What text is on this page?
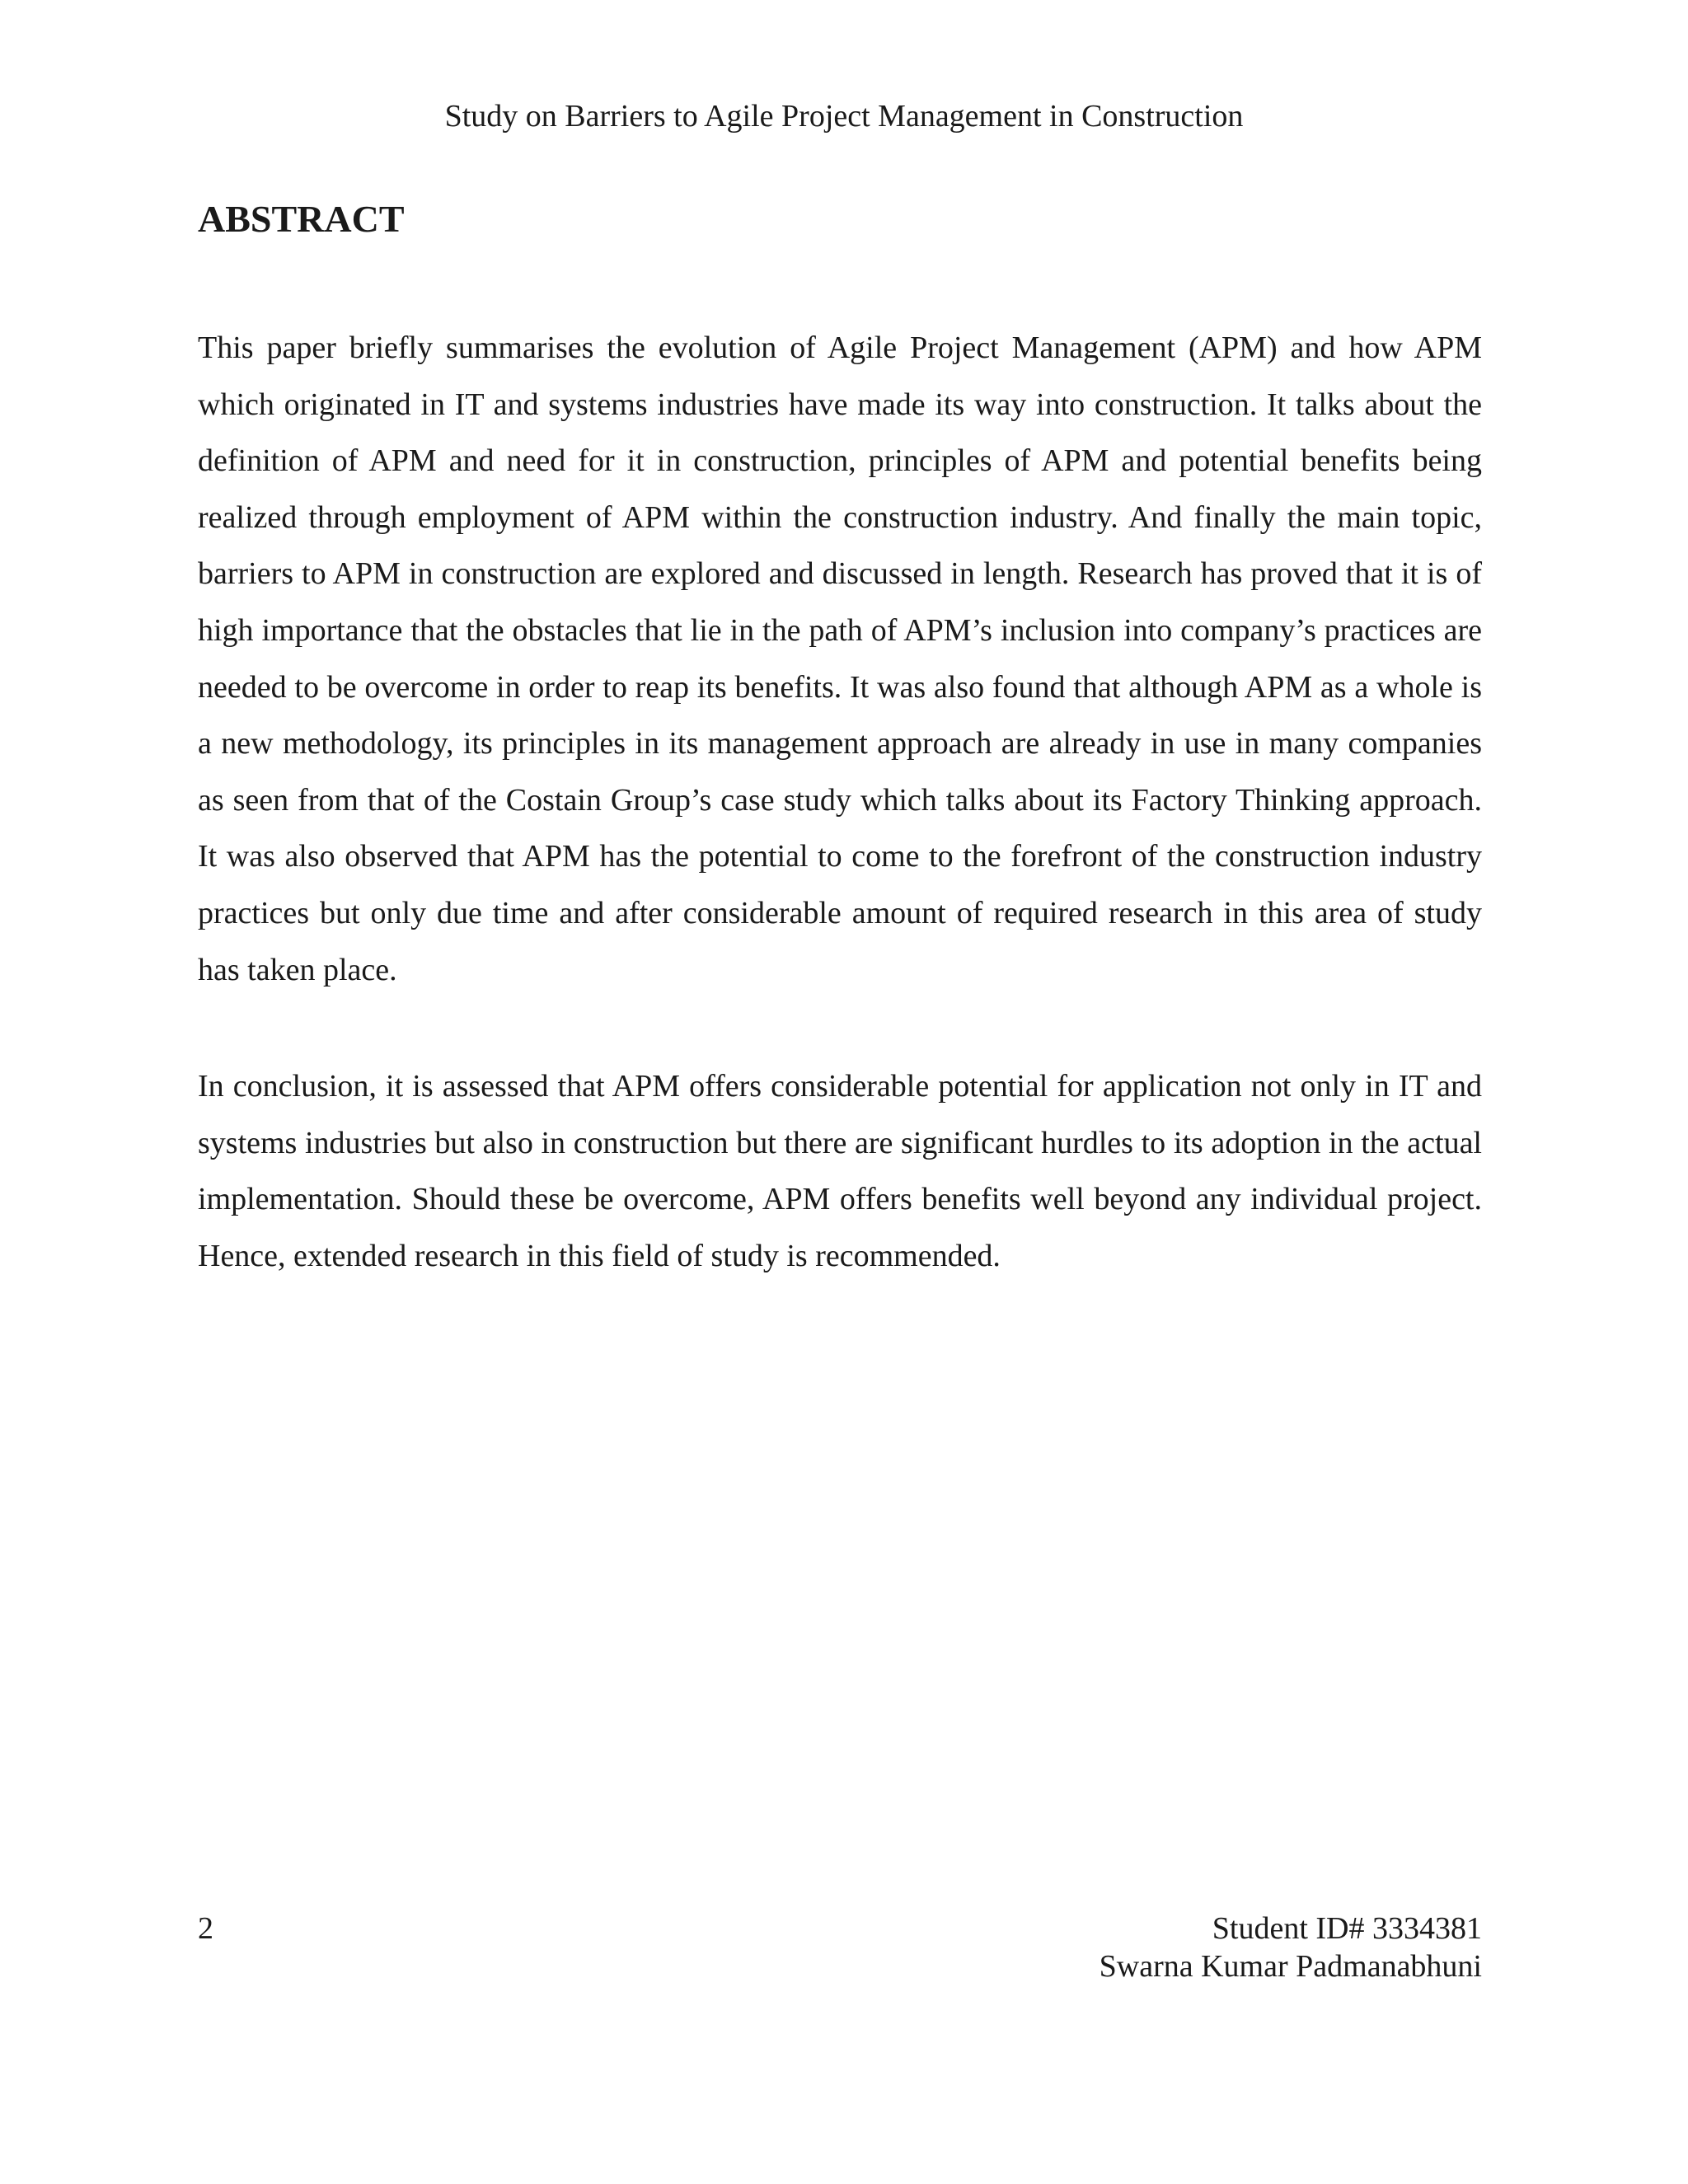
Study on Barriers to Agile Project Management in Construction
ABSTRACT

This paper briefly summarises the evolution of Agile Project Management (APM) and how APM which originated in IT and systems industries have made its way into construction. It talks about the definition of APM and need for it in construction, principles of APM and potential benefits being realized through employment of APM within the construction industry. And finally the main topic, barriers to APM in construction are explored and discussed in length. Research has proved that it is of high importance that the obstacles that lie in the path of APM’s inclusion into company’s practices are needed to be overcome in order to reap its benefits. It was also found that although APM as a whole is a new methodology, its principles in its management approach are already in use in many companies as seen from that of the Costain Group’s case study which talks about its Factory Thinking approach. It was also observed that APM has the potential to come to the forefront of the construction industry practices but only due time and after considerable amount of required research in this area of study has taken place.

In conclusion, it is assessed that APM offers considerable potential for application not only in IT and systems industries but also in construction but there are significant hurdles to its adoption in the actual implementation. Should these be overcome, APM offers benefits well beyond any individual project. Hence, extended research in this field of study is recommended.

2	Student ID# 3334381
Swarna Kumar Padmanabhuni
